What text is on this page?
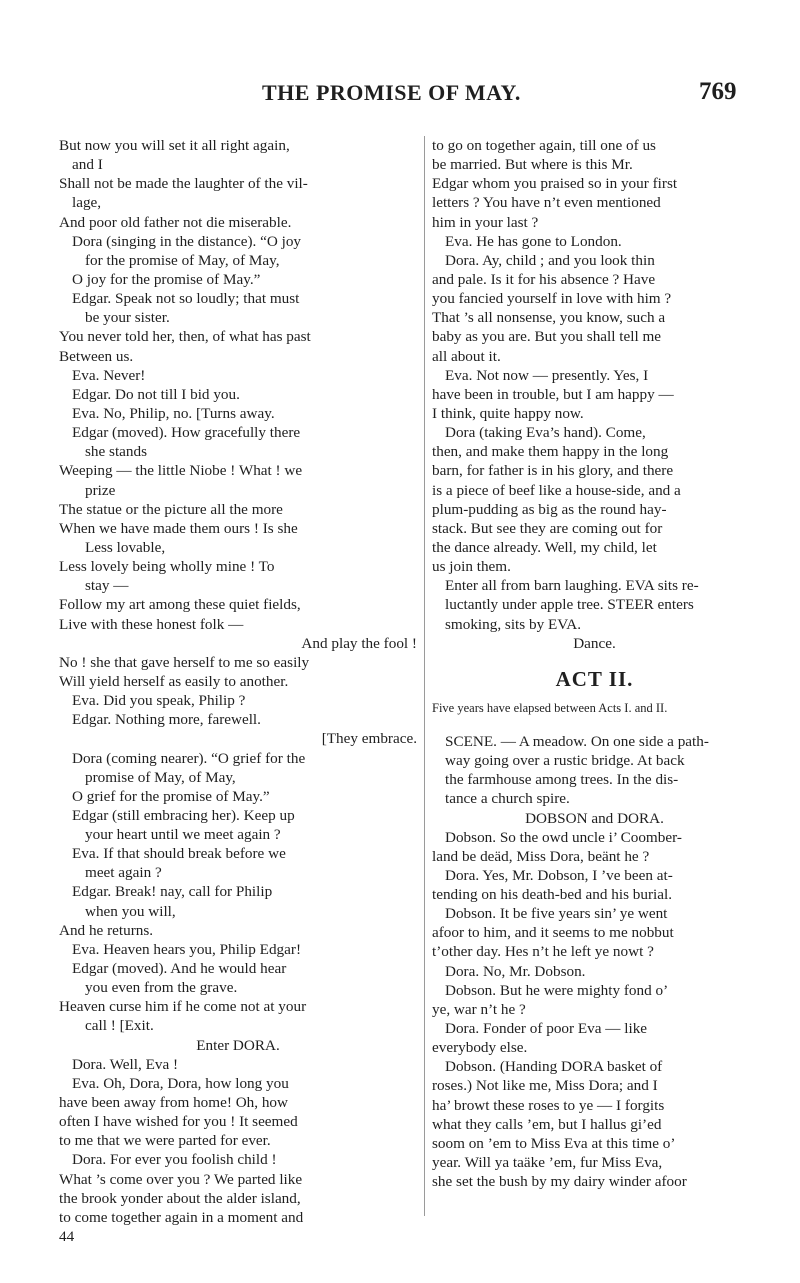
THE PROMISE OF MAY.	769
But now you will set it all right again,
and I
Shall not be made the laughter of the vil-
lage,
And poor old father not die miserable.
Dora (singing in the distance). “O joy
for the promise of May, of May,
O joy for the promise of May.”
Edgar. Speak not so loudly; that must
be your sister.
You never told her, then, of what has past
Between us.
Eva. Never!
Edgar. Do not till I bid you.
Eva. No, Philip, no. [Turns away.
Edgar (moved). How gracefully there
she stands
Weeping — the little Niobe ! What ! we
prize
The statue or the picture all the more
When we have made them ours ! Is she
Less lovable,
Less lovely being wholly mine ! To
stay —
Follow my art among these quiet fields,
Live with these honest folk —
And play the fool !
No ! she that gave herself to me so easily
Will yield herself as easily to another.
Eva. Did you speak, Philip ?
Edgar. Nothing more, farewell.
[They embrace.
Dora (coming nearer). “O grief for the
promise of May, of May,
O grief for the promise of May.”
Edgar (still embracing her). Keep up
your heart until we meet again ?
Eva. If that should break before we
meet again ?
Edgar. Break! nay, call for Philip
when you will,
And he returns.
Eva. Heaven hears you, Philip Edgar!
Edgar (moved). And he would hear
you even from the grave.
Heaven curse him if he come not at your
call ! [Exit.
Enter DORA.
Dora. Well, Eva !
Eva. Oh, Dora, Dora, how long you
have been away from home! Oh, how
often I have wished for you ! It seemed
to me that we were parted for ever.
Dora. For ever you foolish child !
What ’s come over you ? We parted like
the brook yonder about the alder island,
to come together again in a moment and
44
to go on together again, till one of us
be married. But where is this Mr.
Edgar whom you praised so in your first
letters ? You have n’t even mentioned
him in your last ?
Eva. He has gone to London.
Dora. Ay, child ; and you look thin
and pale. Is it for his absence ? Have
you fancied yourself in love with him ?
That ’s all nonsense, you know, such a
baby as you are. But you shall tell me
all about it.
Eva. Not now — presently. Yes, I
have been in trouble, but I am happy —
I think, quite happy now.
Dora (taking Eva’s hand). Come,
then, and make them happy in the long
barn, for father is in his glory, and there
is a piece of beef like a house-side, and a
plum-pudding as big as the round hay-
stack. But see they are coming out for
the dance already. Well, my child, let
us join them.
Enter all from barn laughing. EVA sits re-
luctantly under apple tree. STEER enters
smoking, sits by EVA.
Dance.
ACT II.
Five years have elapsed between Acts I. and II.
SCENE. — A meadow. On one side a path-
way going over a rustic bridge. At back
the farmhouse among trees. In the dis-
tance a church spire.
DOBSON and DORA.
Dobson. So the owd uncle i’ Coomber-
land be deäd, Miss Dora, beänt he ?
Dora. Yes, Mr. Dobson, I ’ve been at-
tending on his death-bed and his burial.
Dobson. It be five years sin’ ye went
afoor to him, and it seems to me nobbut
t’other day. Hes n’t he left ye nowt ?
Dora. No, Mr. Dobson.
Dobson. But he were mighty fond o’
ye, war n’t he ?
Dora. Fonder of poor Eva — like
everybody else.
Dobson. (Handing DORA basket of
roses.) Not like me, Miss Dora; and I
ha’ browt these roses to ye — I forgits
what they calls ’em, but I hallus gi’ed
soom on ’em to Miss Eva at this time o’
year. Will ya taäke ’em, fur Miss Eva,
she set the bush by my dairy winder afoor
